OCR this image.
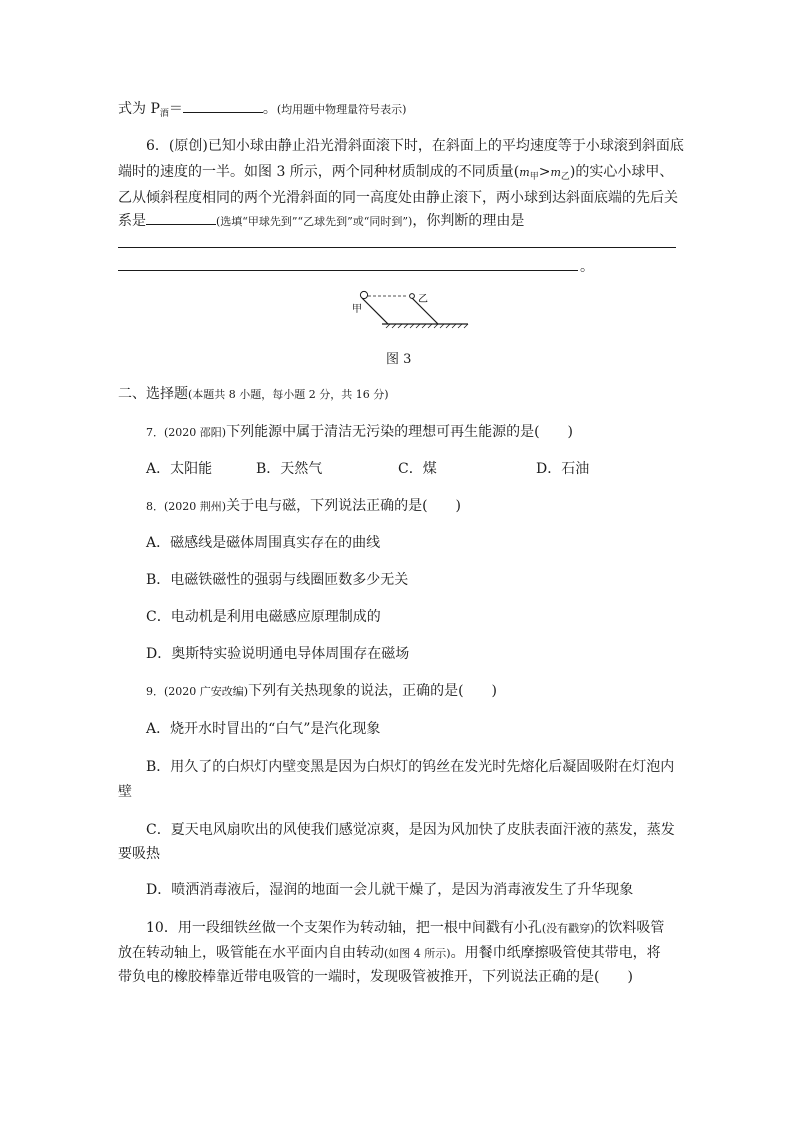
式为 $P_酒=$	。(均用题中物理量符号表示)
6．(原创)已知小球由静止沿光滑斜面滚下时，在斜面上的平均速度等于小球滚到斜面底
端时的速度的一半。如图 3 所示，两个同种材质制成的不同质量$(m_甲>m_乙)$的实心小球甲、
乙从倾斜程度相同的两个光滑斜面的同一高度处由静止滚下，两小球到达斜面底端的先后关
系是	(选填“甲球先到”“乙球先到”或“同时到”)，你判断的理由是
。
甲
乙
图 3
二、选择题(本题共 8 小题，每小题 2 分，共 16 分)
7．(2020 邵阳)下列能源中属于清洁无污染的理想可再生能源的是(　　)
A．太阳能	B．天然气	C．煤	D．石油
8．(2020 荆州)关于电与磁，下列说法正确的是(　　)
A．磁感线是磁体周围真实存在的曲线
B．电磁铁磁性的强弱与线圈匝数多少无关
C．电动机是利用电磁感应原理制成的
D．奥斯特实验说明通电导体周围存在磁场
9．(2020 广安改编)下列有关热现象的说法，正确的是(　　)
A．烧开水时冒出的“白气”是汽化现象
B．用久了的白炽灯内壁变黑是因为白炽灯的钨丝在发光时先熔化后凝固吸附在灯泡内
壁
C．夏天电风扇吹出的风使我们感觉凉爽，是因为风加快了皮肤表面汗液的蒸发，蒸发
要吸热
D．喷洒消毒液后，湿润的地面一会儿就干燥了，是因为消毒液发生了升华现象
10．用一段细铁丝做一个支架作为转动轴，把一根中间戳有小孔(没有戳穿)的饮料吸管
放在转动轴上，吸管能在水平面内自由转动(如图 4 所示)。用餐巾纸摩擦吸管使其带电，将
带负电的橡胶棒靠近带电吸管的一端时，发现吸管被推开，下列说法正确的是(　　)
